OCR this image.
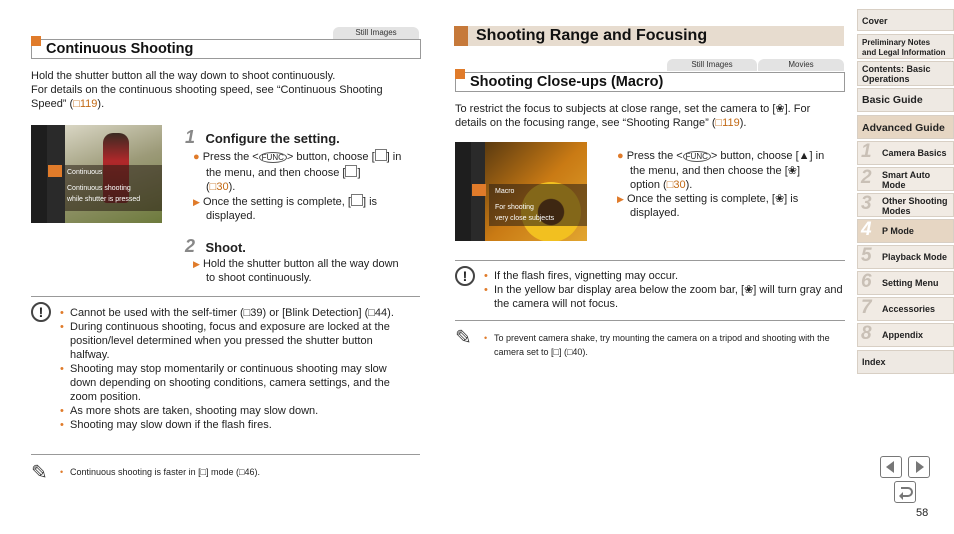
Still Images
Continuous Shooting
Hold the shutter button all the way down to shoot continuously.
For details on the continuous shooting speed, see “Continuous Shooting
Speed” (□119).
Continuous
Continuous shooting
while shutter is pressed
1 Configure the setting.
● Press the < FUNC > button, choose [ ] in
the menu, and then choose [ ]
(□30).
▶ Once the setting is complete, [ ] is
displayed.
2 Shoot.
▶ Hold the shutter button all the way down
to shoot continuously.
!	• Cannot be used with the self-timer (□39) or [Blink Detection] (□44).
• During continuous shooting, focus and exposure are locked at the position/level determined when you pressed the shutter button halfway.
• Shooting may stop momentarily or continuous shooting may slow down depending on shooting conditions, camera settings, and the zoom position.
• As more shots are taken, shooting may slow down.
• Shooting may slow down if the flash fires.
✎	• Continuous shooting is faster in [□] mode (□46).
Shooting Range and Focusing
Still Images	Movies
Shooting Close-ups (Macro)
To restrict the focus to subjects at close range, set the camera to [❀]. For
details on the focusing range, see “Shooting Range” (□119).
Macro
For shooting
very close subjects
● Press the < FUNC > button, choose [▲] in
the menu, and then choose the [❀]
option (□30).
▶ Once the setting is complete, [❀] is
displayed.
!	• If the flash fires, vignetting may occur.
• In the yellow bar display area below the zoom bar, [❀] will turn gray and the camera will not focus.
✎	• To prevent camera shake, try mounting the camera on a tripod and shooting with the camera set to [□] (□40).
Cover
Preliminary Notes
and Legal Information
Contents: Basic
Operations
Basic Guide
Advanced Guide
1 Camera Basics
2 Smart Auto Mode
3 Other Shooting Modes
4 P Mode
5 Playback Mode
6 Setting Menu
7 Accessories
8 Appendix
Index
58
